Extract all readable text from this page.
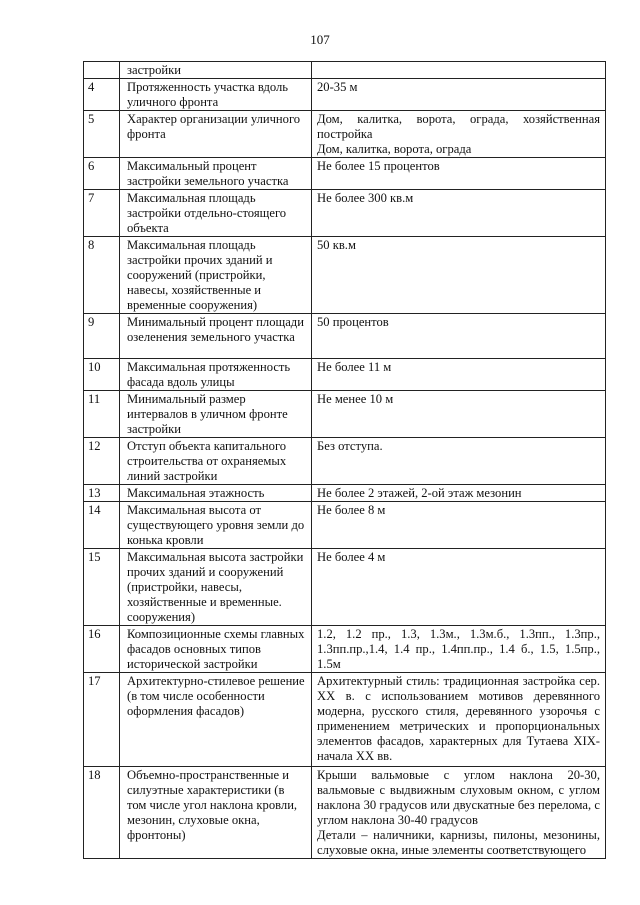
107
	застройки	

4	Протяженность участка вдоль уличного фронта	20-35 м

5	Характер организации уличного фронта	Дом, калитка, ворота, ограда, хозяйственная постройка
Дом, калитка, ворота, ограда

6	Максимальный процент застройки земельного участка	Не более 15 процентов

7	Максимальная площадь застройки отдельно-стоящего объекта	Не более 300 кв.м

8	Максимальная площадь застройки прочих зданий и сооружений (пристройки, навесы, хозяйственные и временные сооружения)	50 кв.м

9	Минимальный процент площади озеленения земельного участка	50 процентов

10	Максимальная протяженность фасада вдоль улицы	Не более 11 м

11	Минимальный размер интервалов в уличном фронте застройки	Не менее 10 м

12	Отступ объекта капитального строительства от охраняемых линий застройки	Без отступа.

13	Максимальная этажность	Не более 2 этажей, 2-ой этаж мезонин

14	Максимальная высота от существующего уровня земли до конька кровли	Не более 8 м

15	Максимальная высота застройки прочих зданий и сооружений (пристройки, навесы, хозяйственные и временные. сооружения)	Не более 4 м

16	Композиционные схемы главных фасадов основных типов исторической застройки	1.2, 1.2 пр., 1.3, 1.3м., 1.3м.б., 1.3пп., 1.3пр., 1.3пп.пр.,1.4, 1.4 пр., 1.4пп.пр., 1.4 б., 1.5, 1.5пр., 1.5м

17	Архитектурно-стилевое решение (в том числе особенности оформления фасадов)	Архитектурный стиль: традиционная застройка сер. XX в. с использованием мотивов деревянного модерна, русского стиля, деревянного узорочья с применением метрических и пропорциональных элементов фасадов, характерных для Тутаева XIX-начала XX вв.

18	Объемно-пространственные и силуэтные характеристики (в том числе угол наклона кровли, мезонин, слуховые окна, фронтоны)	Крыши вальмовые с углом наклона 20-30, вальмовые с выдвижным слуховым окном, с углом наклона 30 градусов или двускатные без перелома, с углом наклона 30-40 градусов
Детали – наличники, карнизы, пилоны, мезонины, слуховые окна, иные элементы соответствующего
